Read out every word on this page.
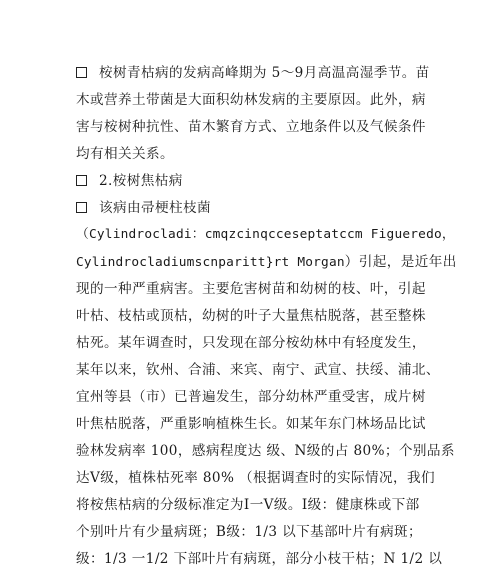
桉树青枯病的发病高峰期为 5～9月高温高湿季节。苗
木或营养土带菌是大面积幼林发病的主要原因。此外，病
害与桉树种抗性、苗木繁育方式、立地条件以及气候条件
均有相关关系。
2.桉树焦枯病
该病由帚梗柱枝菌
（Cylindrocladi：cmqzcinqcceseptatccm Figueredo，
Cylindrocladiumscnparitt}rt Morgan）引起，是近年出
现的一种严重病害。主要危害树苗和幼树的枝、叶，引起
叶枯、枝枯或顶枯，幼树的叶子大量焦枯脱落，甚至整株
枯死。某年调查时，只发现在部分桉幼林中有轻度发生，
某年以来，钦州、合浦、来宾、南宁、武宣、扶绥、浦北、
宜州等县（市）已普遍发生，部分幼林严重受害，成片树
叶焦枯脱落，严重影响植株生长。如某年东门林场品比试
验林发病率 100，感病程度达 级、N级的占 80%；个别品系
达Ⅴ级，植株枯死率 80% （根据调查时的实际情况，我们
将桉焦枯病的分级标准定为Ⅰ一Ⅴ级。Ⅰ级：健康株或下部
个别叶片有少量病斑；B级：1/3 以下基部叶片有病斑；
级：1/3 一1/2 下部叶片有病斑，部分小枝干枯；N 1/2 以
